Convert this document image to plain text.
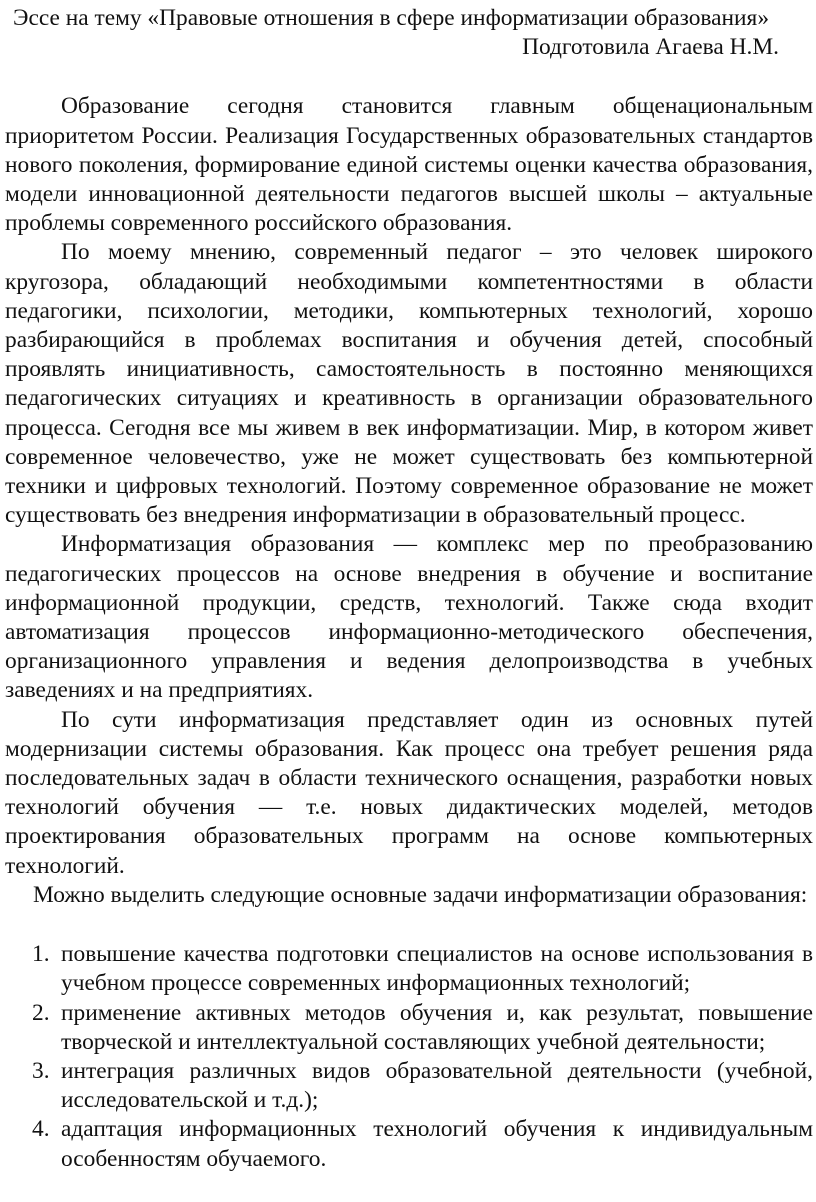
Эссе на тему «Правовые отношения в сфере информатизации образования»

Подготовила Агаева Н.М.

Образование сегодня становится главным общенациональным приоритетом России. Реализация Государственных образовательных стандартов нового поколения, формирование единой системы оценки качества образования, модели инновационной деятельности педагогов высшей школы – актуальные проблемы современного российского образования.

По моему мнению, современный педагог – это человек широкого кругозора, обладающий необходимыми компетентностями в области педагогики, психологии, методики, компьютерных технологий, хорошо разбирающийся в проблемах воспитания и обучения детей, способный проявлять инициативность, самостоятельность в постоянно меняющихся педагогических ситуациях и креативность в организации образовательного процесса. Сегодня все мы живем в век информатизации. Мир, в котором живет современное человечество, уже не может существовать без компьютерной техники и цифровых технологий. Поэтому современное образование не может существовать без внедрения информатизации в образовательный процесс.

Информатизация образования — комплекс мер по преобразованию педагогических процессов на основе внедрения в обучение и воспитание информационной продукции, средств, технологий. Также сюда входит автоматизация процессов информационно-методического обеспечения, организационного управления и ведения делопроизводства в учебных заведениях и на предприятиях.

По сути информатизация представляет один из основных путей модернизации системы образования. Как процесс она требует решения ряда последовательных задач в области технического оснащения, разработки новых технологий обучения — т.е. новых дидактических моделей, методов проектирования образовательных программ на основе компьютерных технологий.

Можно выделить следующие основные задачи информатизации образования:

1. повышение качества подготовки специалистов на основе использования в учебном процессе современных информационных технологий;
2. применение активных методов обучения и, как результат, повышение творческой и интеллектуальной составляющих учебной деятельности;
3. интеграция различных видов образовательной деятельности (учебной, исследовательской и т.д.);
4. адаптация информационных технологий обучения к индивидуальным особенностям обучаемого.
